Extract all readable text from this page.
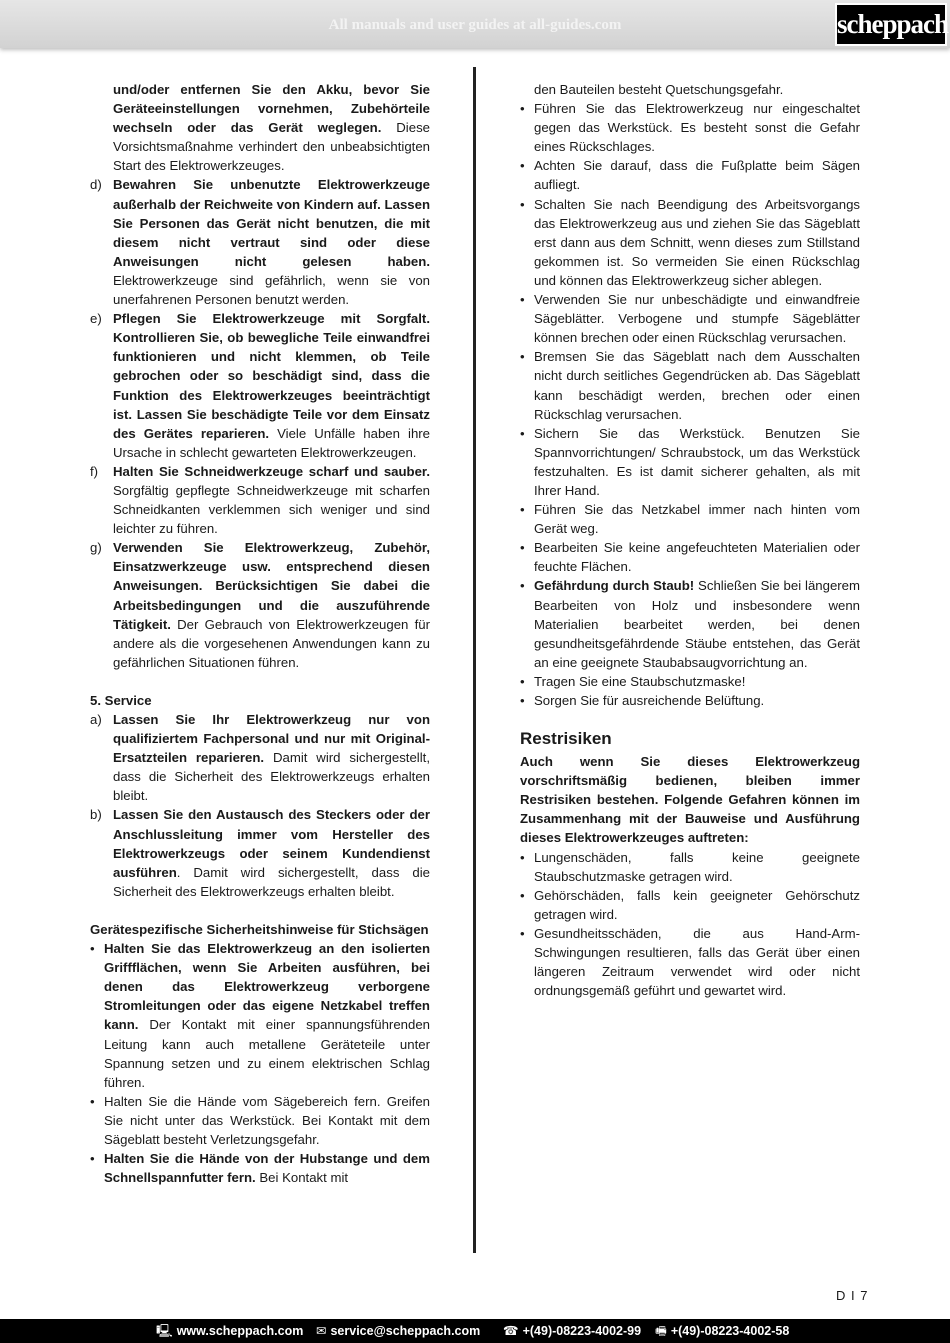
All manuals and user guides at all-guides.com	scheppach

und/oder entfernen Sie den Akku, bevor Sie Geräteeinstellungen vornehmen, Zubehörteile wechseln oder das Gerät weglegen. Diese Vorsichtsmaßnahme verhindert den unbeabsichtigten Start des Elektrowerkzeuges.

d) Bewahren Sie unbenutzte Elektrowerkzeuge außerhalb der Reichweite von Kindern auf. Lassen Sie Personen das Gerät nicht benutzen, die mit diesem nicht vertraut sind oder diese Anweisungen nicht gelesen haben. Elektrowerkzeuge sind gefährlich, wenn sie von unerfahrenen Personen benutzt werden.

e) Pflegen Sie Elektrowerkzeuge mit Sorgfalt. Kontrollieren Sie, ob bewegliche Teile einwandfrei funktionieren und nicht klemmen, ob Teile gebrochen oder so beschädigt sind, dass die Funktion des Elektrowerkzeuges beeinträchtigt ist. Lassen Sie beschädigte Teile vor dem Einsatz des Gerätes reparieren. Viele Unfälle haben ihre Ursache in schlecht gewarteten Elektrowerkzeugen.

f) Halten Sie Schneidwerkzeuge scharf und sauber. Sorgfältig gepflegte Schneidwerkzeuge mit scharfen Schneidkanten verklemmen sich weniger und sind leichter zu führen.

g) Verwenden Sie Elektrowerkzeug, Zubehör, Einsatzwerkzeuge usw. entsprechend diesen Anweisungen. Berücksichtigen Sie dabei die Arbeitsbedingungen und die auszuführende Tätigkeit. Der Gebrauch von Elektrowerkzeugen für andere als die vorgesehenen Anwendungen kann zu gefährlichen Situationen führen.

5. Service

a) Lassen Sie Ihr Elektrowerkzeug nur von qualifiziertem Fachpersonal und nur mit Original-Ersatzteilen reparieren. Damit wird sichergestellt, dass die Sicherheit des Elektrowerkzeugs erhalten bleibt.

b) Lassen Sie den Austausch des Steckers oder der Anschlussleitung immer vom Hersteller des Elektrowerkzeugs oder seinem Kundendienst ausführen. Damit wird sichergestellt, dass die Sicherheit des Elektrowerkzeugs erhalten bleibt.

Gerätespezifische Sicherheitshinweise für Stichsägen

• Halten Sie das Elektrowerkzeug an den isolierten Griffflächen, wenn Sie Arbeiten ausführen, bei denen das Elektrowerkzeug verborgene Stromleitungen oder das eigene Netzkabel treffen kann. Der Kontakt mit einer spannungsführenden Leitung kann auch metallene Geräteteile unter Spannung setzen und zu einem elektrischen Schlag führen.

• Halten Sie die Hände vom Sägebereich fern. Greifen Sie nicht unter das Werkstück. Bei Kontakt mit dem Sägeblatt besteht Verletzungsgefahr.

• Halten Sie die Hände von der Hubstange und dem Schnellspannfutter fern. Bei Kontakt mit

den Bauteilen besteht Quetschungsgefahr.

• Führen Sie das Elektrowerkzeug nur eingeschaltet gegen das Werkstück. Es besteht sonst die Gefahr eines Rückschlages.

• Achten Sie darauf, dass die Fußplatte beim Sägen aufliegt.

• Schalten Sie nach Beendigung des Arbeitsvorgangs das Elektrowerkzeug aus und ziehen Sie das Sägeblatt erst dann aus dem Schnitt, wenn dieses zum Stillstand gekommen ist. So vermeiden Sie einen Rückschlag und können das Elektrowerkzeug sicher ablegen.

• Verwenden Sie nur unbeschädigte und einwandfreie Sägeblätter. Verbogene und stumpfe Sägeblätter können brechen oder einen Rückschlag verursachen.

• Bremsen Sie das Sägeblatt nach dem Ausschalten nicht durch seitliches Gegendrücken ab. Das Sägeblatt kann beschädigt werden, brechen oder einen Rückschlag verursachen.

• Sichern Sie das Werkstück. Benutzen Sie Spannvorrichtungen/ Schraubstock, um das Werkstück festzuhalten. Es ist damit sicherer gehalten, als mit Ihrer Hand.

• Führen Sie das Netzkabel immer nach hinten vom Gerät weg.

• Bearbeiten Sie keine angefeuchteten Materialien oder feuchte Flächen.

• Gefährdung durch Staub! Schließen Sie bei längerem Bearbeiten von Holz und insbesondere wenn Materialien bearbeitet werden, bei denen gesundheitsgefährdende Stäube entstehen, das Gerät an eine geeignete Staubabsaugvorrichtung an.

• Tragen Sie eine Staubschutzmaske!

• Sorgen Sie für ausreichende Belüftung.

Restrisiken

Auch wenn Sie dieses Elektrowerkzeug vorschriftsmäßig bedienen, bleiben immer Restrisiken bestehen. Folgende Gefahren können im Zusammenhang mit der Bauweise und Ausführung dieses Elektrowerkzeuges auftreten:

• Lungenschäden, falls keine geeignete Staubschutzmaske getragen wird.

• Gehörschäden, falls kein geeigneter Gehörschutz getragen wird.

• Gesundheitsschäden, die aus Hand-Arm- Schwingungen resultieren, falls das Gerät über einen längeren Zeitraum verwendet wird oder nicht ordnungsgemäß geführt und gewartet wird.

D I 7
🖳 www.scheppach.com ✉ service@scheppach.com ☎ +(49)-08223-4002-99 🖷 +(49)-08223-4002-58
